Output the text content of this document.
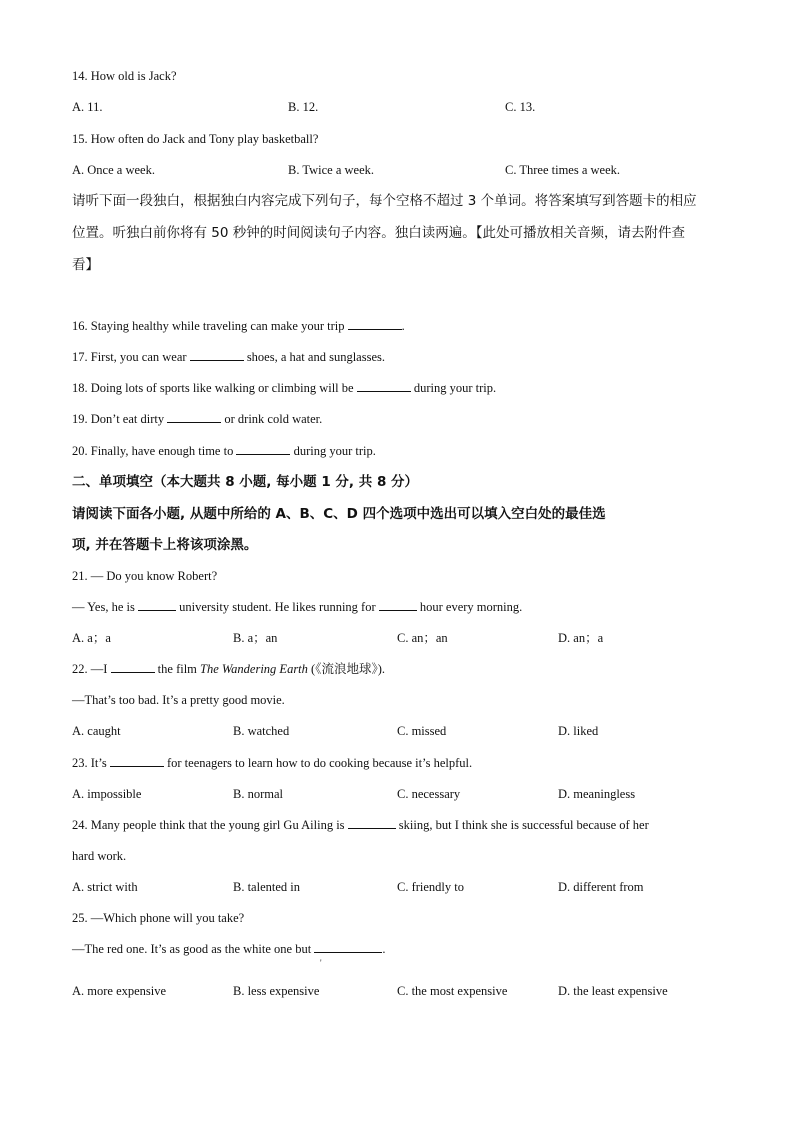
14. How old is Jack?
A. 11.	B. 12.	C. 13.
15. How often do Jack and Tony play basketball?
A. Once a week.	B. Twice a week.	C. Three times a week.
请听下面一段独白，根据独白内容完成下列句子，每个空格不超过 3 个单词。将答案填写到答题卡的相应
位置。听独白前你将有 50 秒钟的时间阅读句子内容。独白读两遍。【此处可播放相关音频，请去附件查
看】
16. Staying healthy while traveling can make your trip	.
17. First, you can wear	shoes, a hat and sunglasses.
18. Doing lots of sports like walking or climbing will be	during your trip.
19. Don’t eat dirty	or drink cold water.
20. Finally, have enough time to	during your trip.
二、单项填空（本大题共 8 小题, 每小题 1 分, 共 8 分）
请阅读下面各小题, 从题中所给的 A、B、C、D 四个选项中选出可以填入空白处的最佳选
项, 并在答题卡上将该项涂黑。
21. — Do you know Robert?
— Yes, he is	university student. He likes running for	hour every morning.
A. a；a	B. a；an	C. an；an	D. an；a
22. —I	the film The Wandering Earth (《流浪地球》).
—That’s too bad. It’s a pretty good movie.
A. caught	B. watched	C. missed	D. liked
23. It’s	for teenagers to learn how to do cooking because it’s helpful.
A. impossible	B. normal	C. necessary	D. meaningless
24. Many people think that the young girl Gu Ailing is	skiing, but I think she is successful because of her
hard work.
A. strict with	B. talented in	C. friendly to	D. different from
25. —Which phone will you take?
—The red one. It’s as good as the white one but	.
'
A. more expensive	B. less expensive	C. the most expensive	D. the least expensive
